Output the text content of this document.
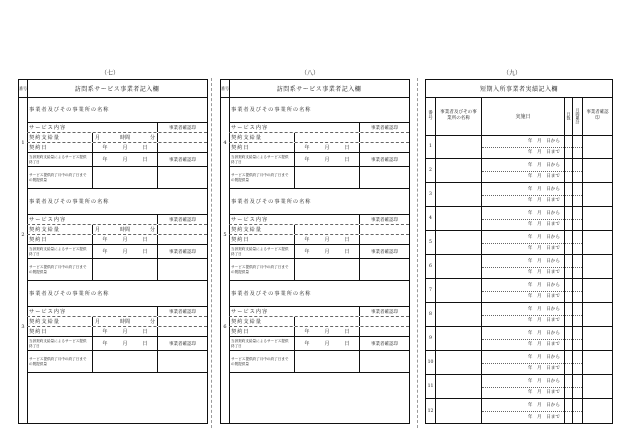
（七）	（八）	（九）
番号	訪問系サービス事業者記入欄
1
事業者及びその事業所の名称
サービス内容	事業者確認印
契約支給量	月	時間	分
契約日	年	月	日
当該契約支給量によるサービス提供終了日	年	月	日	事業者確認印
サービス提供終了月中の終了日までの既提供量
2
事業者及びその事業所の名称
サービス内容	事業者確認印
契約支給量	月	時間	分
契約日	年	月	日
当該契約支給量によるサービス提供終了日	年	月	日	事業者確認印
サービス提供終了月中の終了日までの既提供量
3
事業者及びその事業所の名称
サービス内容	事業者確認印
契約支給量	月	時間	分
契約日	年	月	日
当該契約支給量によるサービス提供終了日	年	月	日	事業者確認印
サービス提供終了月中の終了日までの既提供量
番号	訪問系サービス事業者記入欄
4
事業者及びその事業所の名称
サービス内容	事業者確認印
契約支給量
契約日	年	月	日
当該契約支給量によるサービス提供終了日	年	月	日	事業者確認印
サービス提供終了月中の終了日までの既提供量
5
事業者及びその事業所の名称
サービス内容	事業者確認印
契約支給量
契約日	年	月	日
当該契約支給量によるサービス提供終了日	年	月	日	事業者確認印
サービス提供終了月中の終了日までの既提供量
6
事業者及びその事業所の名称
サービス内容	事業者確認印
契約支給量
契約日	年	月	日
当該契約支給量によるサービス提供終了日	年	月	日	事業者確認印
サービス提供終了月中の終了日までの既提供量
短期入所事業者実績記入欄
番号
事業者及びその事業所の名称	実施日	日数	月間累計	事業者確認印
1
年　月　日から
年　月　日まで
2
年　月　日から
年　月　日まで
3
年　月　日から
年　月　日まで
4
年　月　日から
年　月　日まで
5
年　月　日から
年　月　日まで
6
年　月　日から
年　月　日まで
7
年　月　日から
年　月　日まで
8
年　月　日から
年　月　日まで
9
年　月　日から
年　月　日まで
10
年　月　日から
年　月　日まで
11
年　月　日から
年　月　日まで
12
年　月　日から
年　月　日まで
